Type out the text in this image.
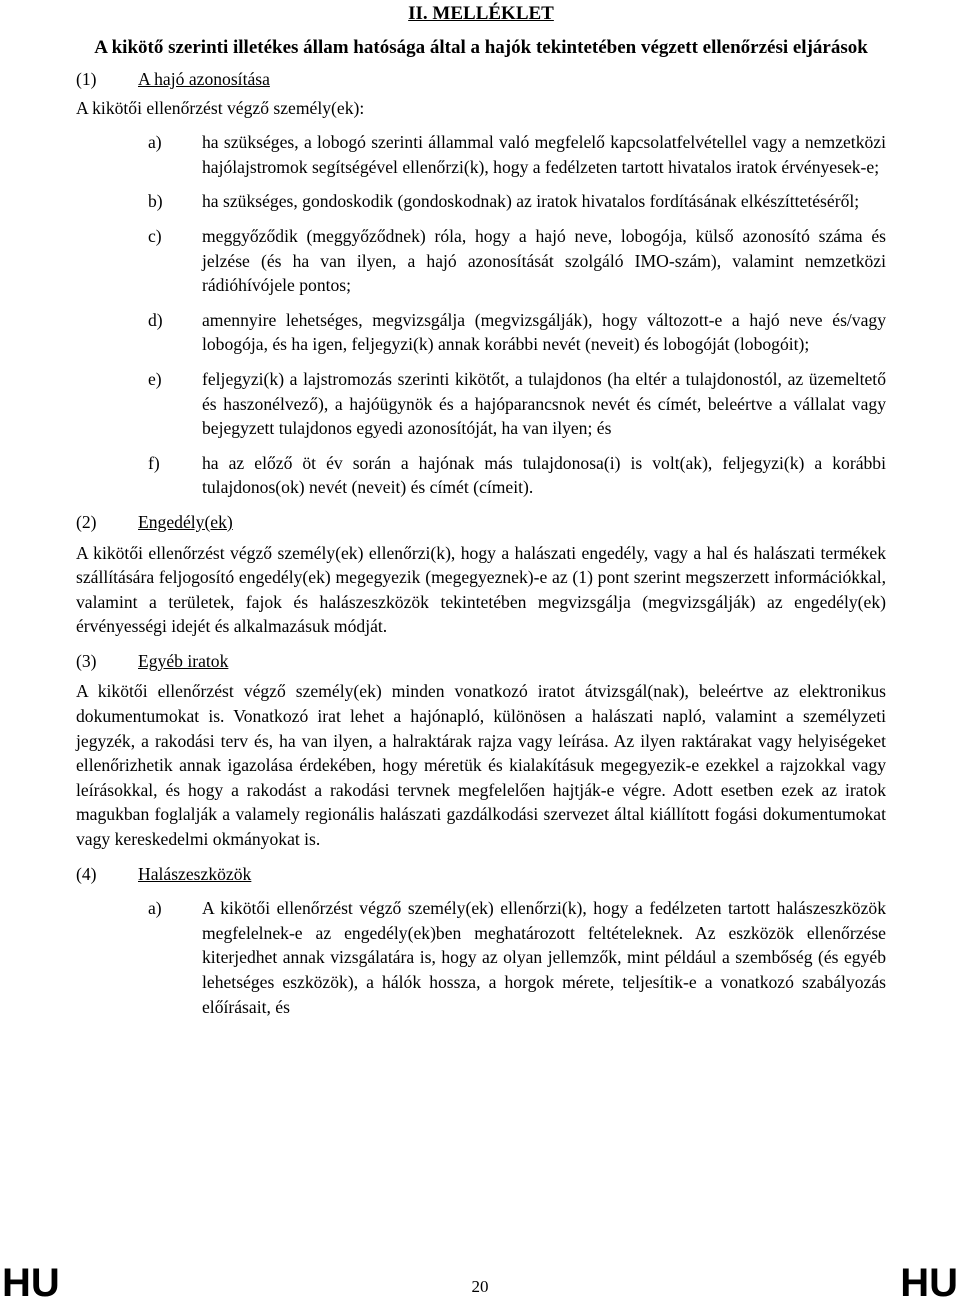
II. MELLÉKLET
A kikötő szerinti illetékes állam hatósága által a hajók tekintetében végzett ellenőrzési eljárások
(1)	A hajó azonosítása
A kikötői ellenőrzést végző személy(ek):
a)	ha szükséges, a lobogó szerinti állammal való megfelelő kapcsolatfelvétellel vagy a nemzetközi hajólajstromok segítségével ellenőrzi(k), hogy a fedélzeten tartott hivatalos iratok érvényesek-e;
b)	ha szükséges, gondoskodik (gondoskodnak) az iratok hivatalos fordításának elkészíttetéséről;
c)	meggyőződik (meggyőződnek) róla, hogy a hajó neve, lobogója, külső azonosító száma és jelzése (és ha van ilyen, a hajó azonosítását szolgáló IMO-szám), valamint nemzetközi rádióhívójele pontos;
d)	amennyire lehetséges, megvizsgálja (megvizsgálják), hogy változott-e a hajó neve és/vagy lobogója, és ha igen, feljegyzi(k) annak korábbi nevét (neveit) és lobogóját (lobogóit);
e)	feljegyzi(k) a lajstromozás szerinti kikötőt, a tulajdonos (ha eltér a tulajdonostól, az üzemeltető és haszonélvező), a hajóügynök és a hajóparancsnok nevét és címét, beleértve a vállalat vagy bejegyzett tulajdonos egyedi azonosítóját, ha van ilyen; és
f)	ha az előző öt év során a hajónak más tulajdonosa(i) is volt(ak), feljegyzi(k) a korábbi tulajdonos(ok) nevét (neveit) és címét (címeit).
(2)	Engedély(ek)
A kikötői ellenőrzést végző személy(ek) ellenőrzi(k), hogy a halászati engedély, vagy a hal és halászati termékek szállítására feljogosító engedély(ek) megegyezik (megegyeznek)-e az (1) pont szerint megszerzett információkkal, valamint a területek, fajok és halászeszközök tekintetében megvizsgálja (megvizsgálják) az engedély(ek) érvényességi idejét és alkalmazásuk módját.
(3)	Egyéb iratok
A kikötői ellenőrzést végző személy(ek) minden vonatkozó iratot átvizsgál(nak), beleértve az elektronikus dokumentumokat is. Vonatkozó irat lehet a hajónapló, különösen a halászati napló, valamint a személyzeti jegyzék, a rakodási terv és, ha van ilyen, a halraktárak rajza vagy leírása. Az ilyen raktárakat vagy helyiségeket ellenőrizhetik annak igazolása érdekében, hogy méretük és kialakításuk megegyezik-e ezekkel a rajzokkal vagy leírásokkal, és hogy a rakodást a rakodási tervnek megfelelően hajtják-e végre. Adott esetben ezek az iratok magukban foglalják a valamely regionális halászati gazdálkodási szervezet által kiállított fogási dokumentumokat vagy kereskedelmi okmányokat is.
(4)	Halászeszközök
a)	A kikötői ellenőrzést végző személy(ek) ellenőrzi(k), hogy a fedélzeten tartott halászeszközök megfelelnek-e az engedély(ek)ben meghatározott feltételeknek. Az eszközök ellenőrzése kiterjedhet annak vizsgálatára is, hogy az olyan jellemzők, mint például a szembőség (és egyéb lehetséges eszközök), a hálók hossza, a horgok mérete, teljesítik-e a vonatkozó szabályozás előírásait, és
HU	20	HU
